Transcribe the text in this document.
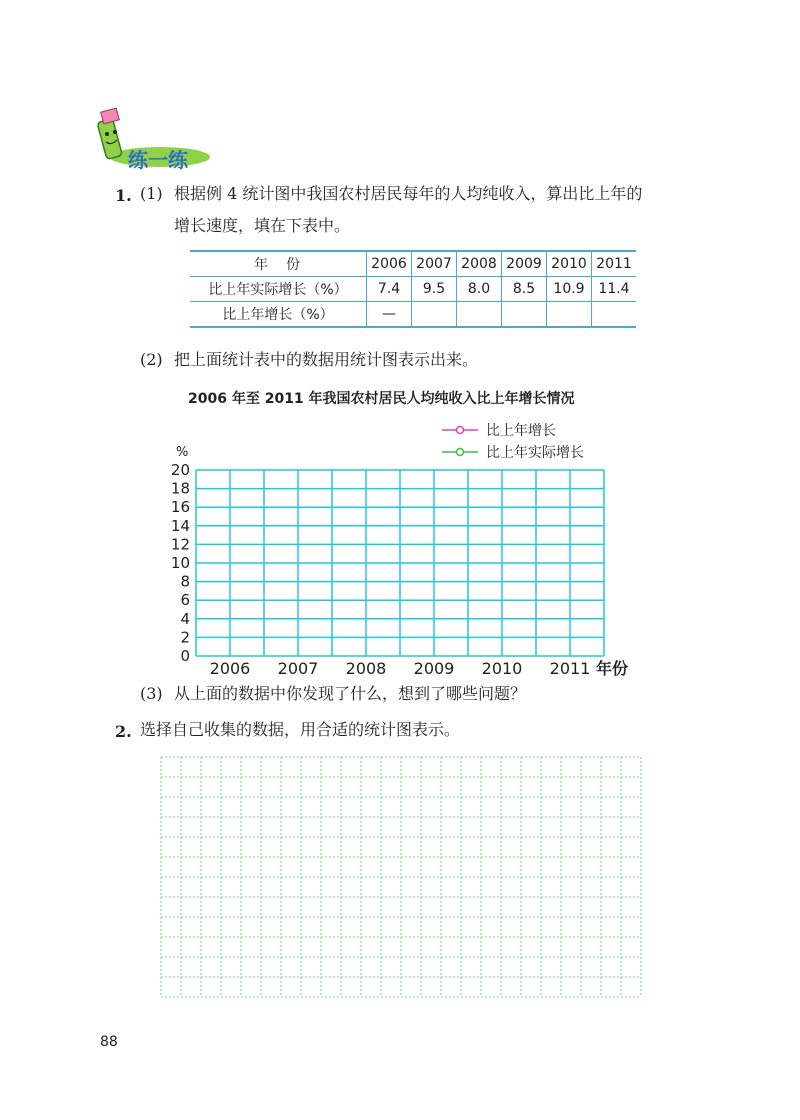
练一练
1. (1) 根据例 4 统计图中我国农村居民每年的人均纯收入，算出比上年的
增长速度，填在下表中。
年　份	2006	2007	2008	2009	2010	2011
比上年实际增长（%）	7.4	9.5	8.0	8.5	10.9	11.4
比上年增长（%）	—					
(2) 把上面统计表中的数据用统计图表示出来。
2006 年至 2011 年我国农村居民人均纯收入比上年增长情况
0
2
4
6
8
10
12
14
16
18
20
%
2006 2007 2008 2009 2010 2011 年份
比上年增长
比上年实际增长
(3) 从上面的数据中你发现了什么，想到了哪些问题？
2. 选择自己收集的数据，用合适的统计图表示。
88
